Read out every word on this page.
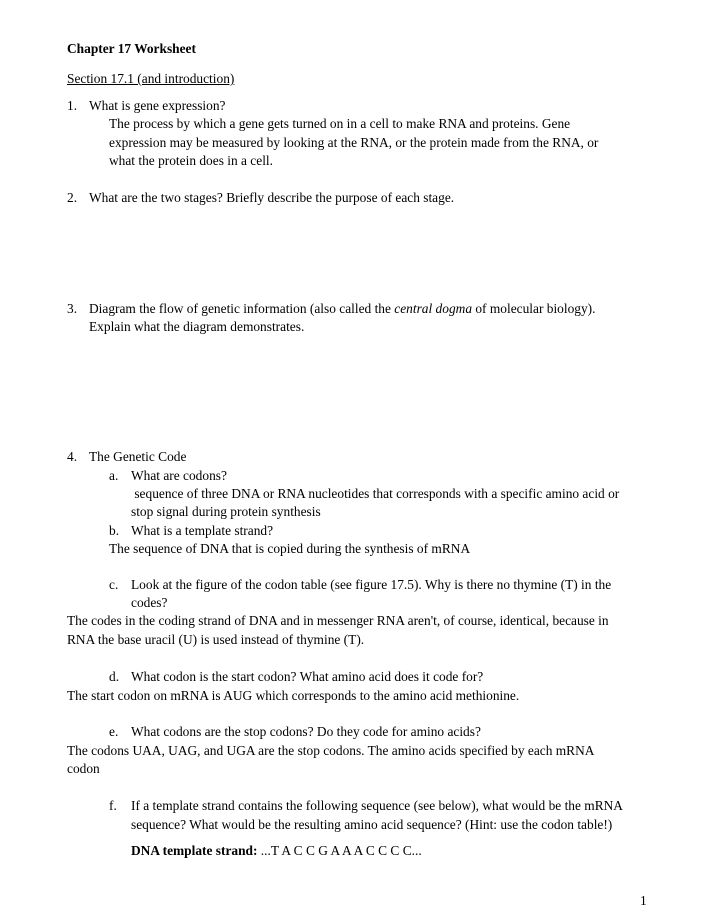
Chapter 17 Worksheet
Section 17.1 (and introduction)
1. What is gene expression?
The process by which a gene gets turned on in a cell to make RNA and proteins. Gene
expression may be measured by looking at the RNA, or the protein made from the RNA, or
what the protein does in a cell.
2. What are the two stages? Briefly describe the purpose of each stage.
3. Diagram the flow of genetic information (also called the central dogma of molecular biology).
Explain what the diagram demonstrates.
4. The Genetic Code
a. What are codons?
sequence of three DNA or RNA nucleotides that corresponds with a specific amino acid or
stop signal during protein synthesis
b. What is a template strand?
The sequence of DNA that is copied during the synthesis of mRNA
c. Look at the figure of the codon table (see figure 17.5). Why is there no thymine (T) in the
codes?
The codes in the coding strand of DNA and in messenger RNA aren't, of course, identical, because in
RNA the base uracil (U) is used instead of thymine (T).
d. What codon is the start codon? What amino acid does it code for?
The start codon on mRNA is AUG which corresponds to the amino acid methionine.
e. What codons are the stop codons? Do they code for amino acids?
The codons UAA, UAG, and UGA are the stop codons. The amino acids specified by each mRNA
codon
f. If a template strand contains the following sequence (see below), what would be the mRNA
sequence? What would be the resulting amino acid sequence? (Hint: use the codon table!)
DNA template strand: ...T A C C G A A A C C C C...
1
